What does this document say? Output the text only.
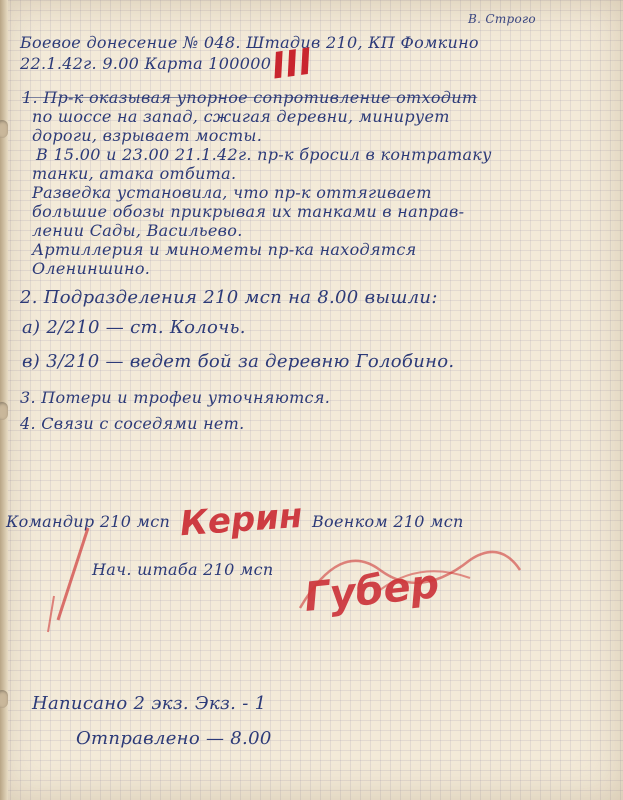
В. Строго
Боевое донесение № 048. Штадив 210, КП Фомкино
22.1.42г. 9.00 Карта 100000
III
1. Пр-к оказывая упорное сопротивление отходит
по шоссе на запад, сжигая деревни, минирует
дороги, взрывает мосты.
В 15.00 и 23.00 21.1.42г. пр-к бросил в контратаку
танки, атака отбита.
Разведка установила, что пр-к оттягивает
большие обозы прикрывая их танками в направ-
лении Сады, Васильево.
Артиллерия и минометы пр-ка находятся
Олениншино.
2. Подразделения 210 мсп на 8.00 вышли:
а) 2/210 — ст. Колочь.
в) 3/210 — ведет бой за деревню Голобино.
3. Потери и трофеи уточняются.
4. Связи с соседями нет.
Командир 210 мсп	Военком 210 мсп
Нач. штаба 210 мсп
Керин
Губер
Написано 2 экз. Экз. - 1
Отправлено — 8.00
